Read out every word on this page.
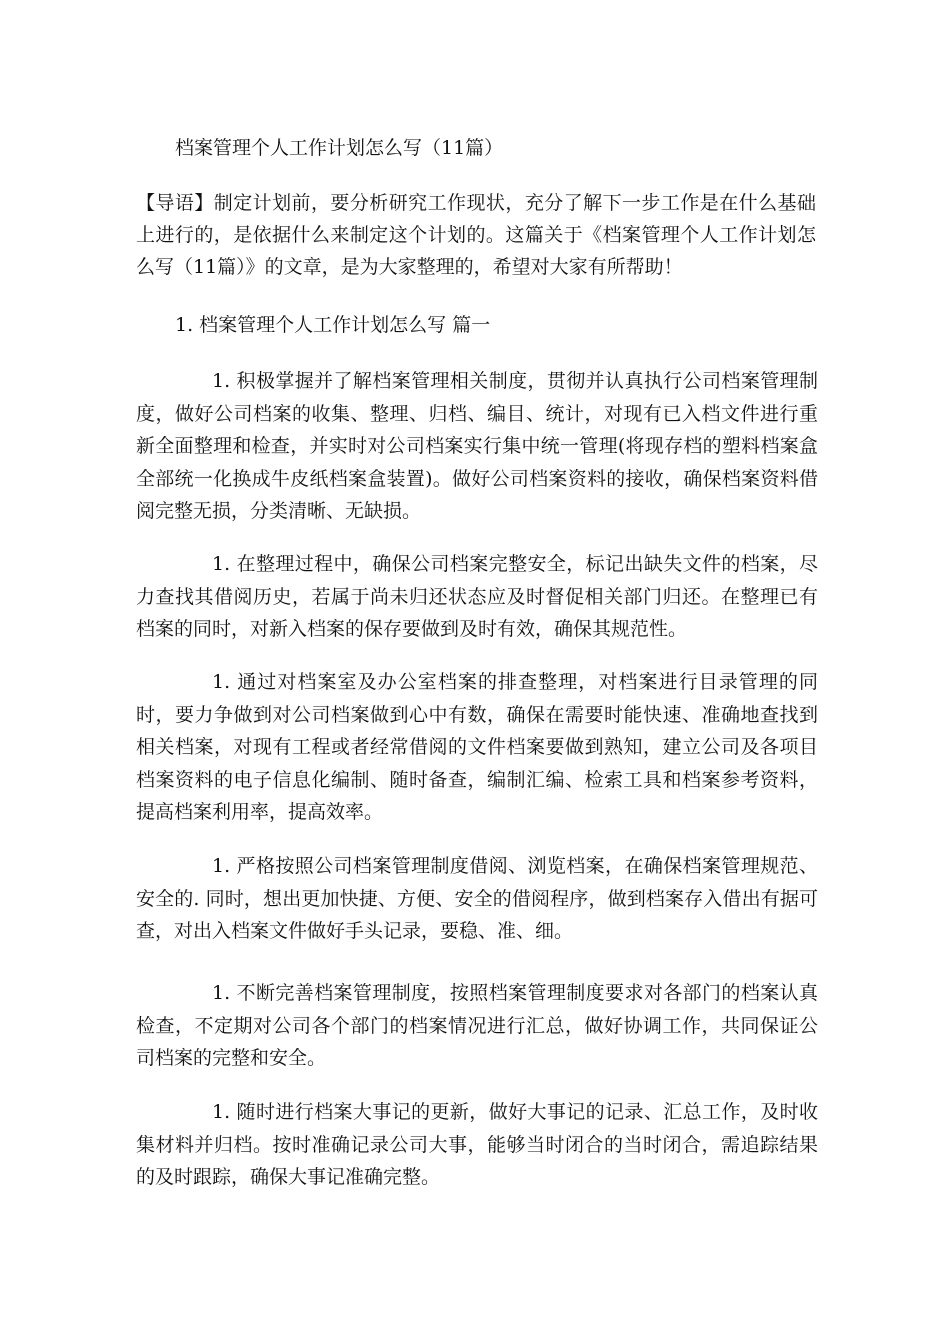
档案管理个人工作计划怎么写（11篇）

【导语】制定计划前，要分析研究工作现状，充分了解下一步工作是在什么基础上进行的，是依据什么来制定这个计划的。这篇关于《档案管理个人工作计划怎么写（11篇）》的文章，是为大家整理的，希望对大家有所帮助！

1. 档案管理个人工作计划怎么写 篇一

1. 积极掌握并了解档案管理相关制度，贯彻并认真执行公司档案管理制度，做好公司档案的收集、整理、归档、编目、统计，对现有已入档文件进行重新全面整理和检查，并实时对公司档案实行集中统一管理(将现存档的塑料档案盒全部统一化换成牛皮纸档案盒装置)。做好公司档案资料的接收，确保档案资料借阅完整无损，分类清晰、无缺损。

1. 在整理过程中，确保公司档案完整安全，标记出缺失文件的档案，尽力查找其借阅历史，若属于尚未归还状态应及时督促相关部门归还。在整理已有档案的同时，对新入档案的保存要做到及时有效，确保其规范性。

1. 通过对档案室及办公室档案的排查整理，对档案进行目录管理的同时，要力争做到对公司档案做到心中有数，确保在需要时能快速、准确地查找到相关档案，对现有工程或者经常借阅的文件档案要做到熟知，建立公司及各项目档案资料的电子信息化编制、随时备查，编制汇编、检索工具和档案参考资料，提高档案利用率，提高效率。

1. 严格按照公司档案管理制度借阅、浏览档案，在确保档案管理规范、安全的. 同时，想出更加快捷、方便、安全的借阅程序，做到档案存入借出有据可查，对出入档案文件做好手头记录，要稳、准、细。

1. 不断完善档案管理制度，按照档案管理制度要求对各部门的档案认真检查，不定期对公司各个部门的档案情况进行汇总，做好协调工作，共同保证公司档案的完整和安全。

1. 随时进行档案大事记的更新，做好大事记的记录、汇总工作，及时收集材料并归档。按时准确记录公司大事，能够当时闭合的当时闭合，需追踪结果的及时跟踪，确保大事记准确完整。
